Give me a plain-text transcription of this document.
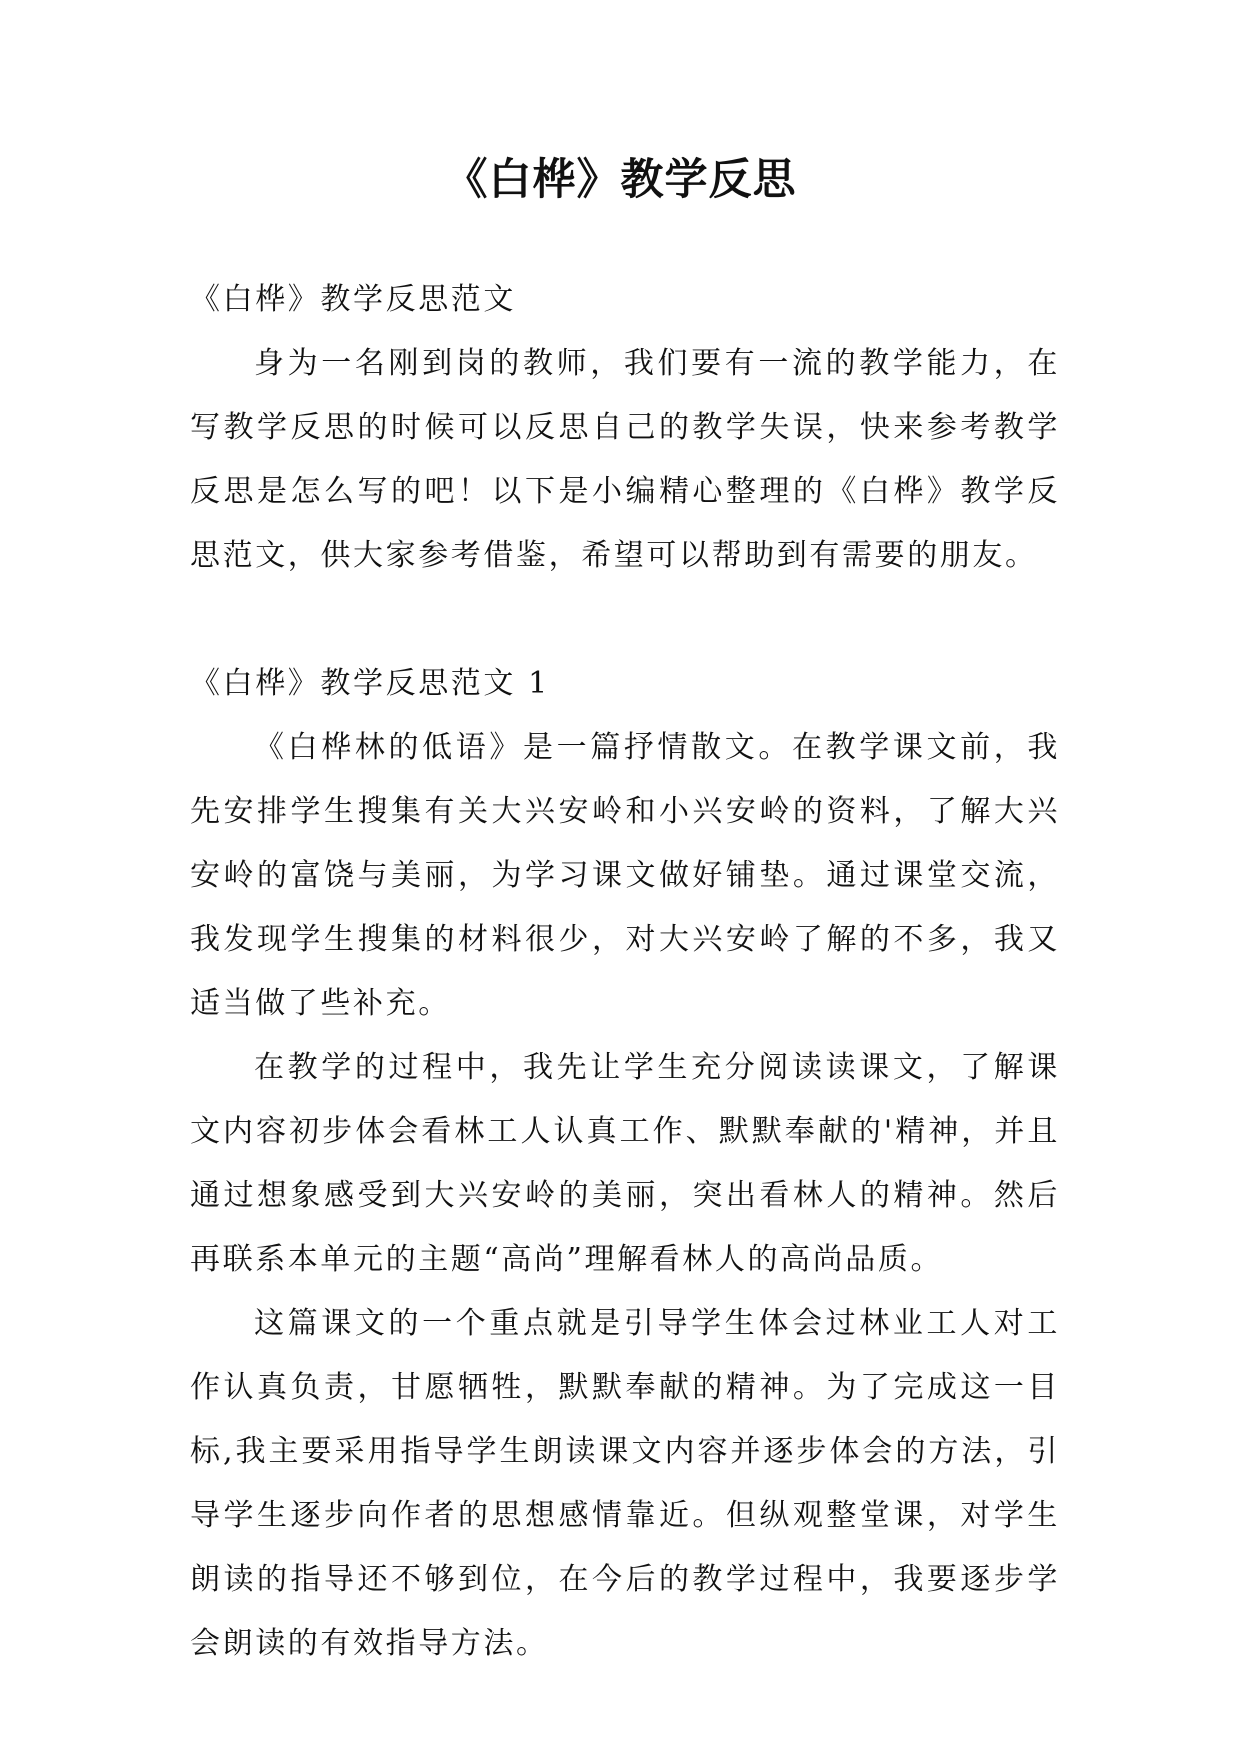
《白桦》教学反思

《白桦》教学反思范文

身为一名刚到岗的教师，我们要有一流的教学能力，在写教学反思的时候可以反思自己的教学失误，快来参考教学反思是怎么写的吧！以下是小编精心整理的《白桦》教学反思范文，供大家参考借鉴，希望可以帮助到有需要的朋友。

《白桦》教学反思范文 1

《白桦林的低语》是一篇抒情散文。在教学课文前，我先安排学生搜集有关大兴安岭和小兴安岭的资料，了解大兴安岭的富饶与美丽，为学习课文做好铺垫。通过课堂交流，我发现学生搜集的材料很少，对大兴安岭了解的不多，我又适当做了些补充。

在教学的过程中，我先让学生充分阅读读课文，了解课文内容初步体会看林工人认真工作、默默奉献的'精神，并且通过想象感受到大兴安岭的美丽，突出看林人的精神。然后再联系本单元的主题“高尚”理解看林人的高尚品质。

这篇课文的一个重点就是引导学生体会过林业工人对工作认真负责，甘愿牺牲，默默奉献的精神。为了完成这一目标,我主要采用指导学生朗读课文内容并逐步体会的方法，引导学生逐步向作者的思想感情靠近。但纵观整堂课，对学生朗读的指导还不够到位，在今后的教学过程中，我要逐步学会朗读的有效指导方法。
